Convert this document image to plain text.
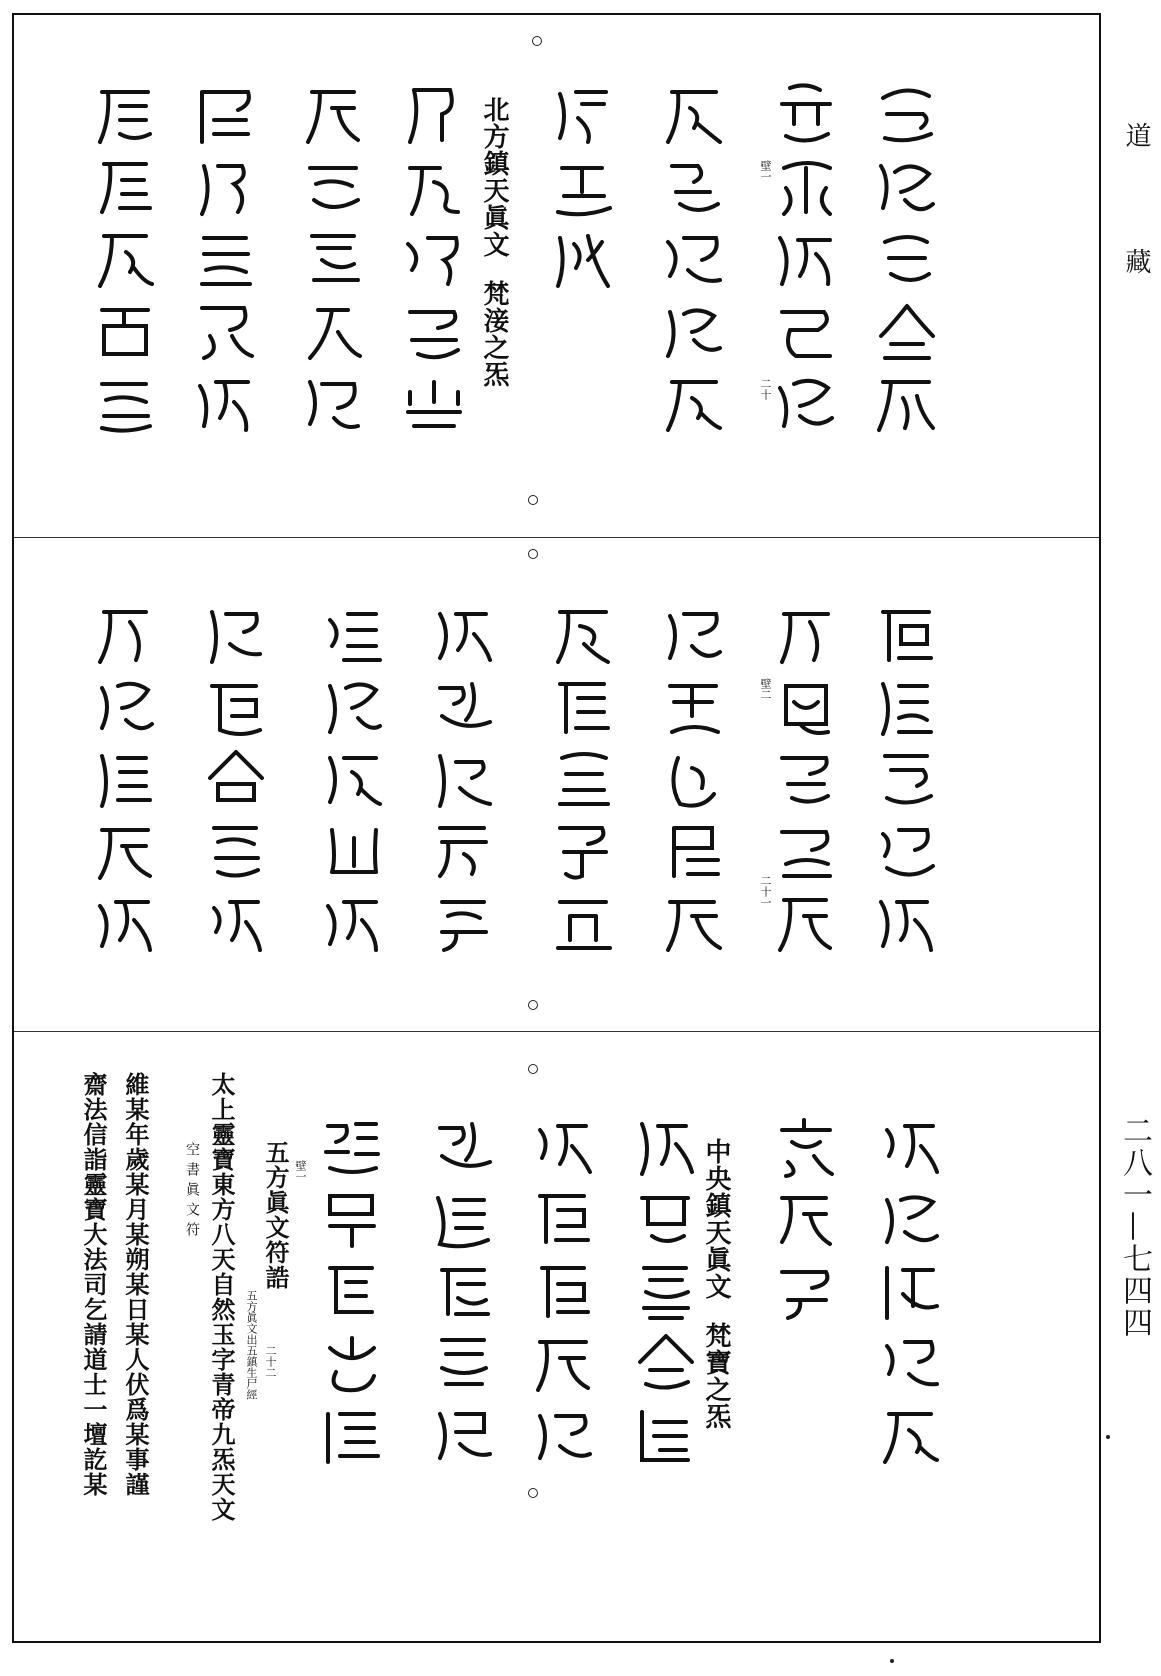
道
藏
二八一—七四四
北方鎮天眞文梵淁之炁
壁一
二十
壁二
二十一
中央鎮天眞文梵寶之炁
壁一
五方眞文符誥
五方眞文出五鎮生尸經 二十二
太上靈寶東方八天自然玉字青帝九炁天文
空書眞文符
維某年歲某月某朔某日某人伏爲某事謹
齋法信詣靈寶大法司乞請道士一壇訖某
